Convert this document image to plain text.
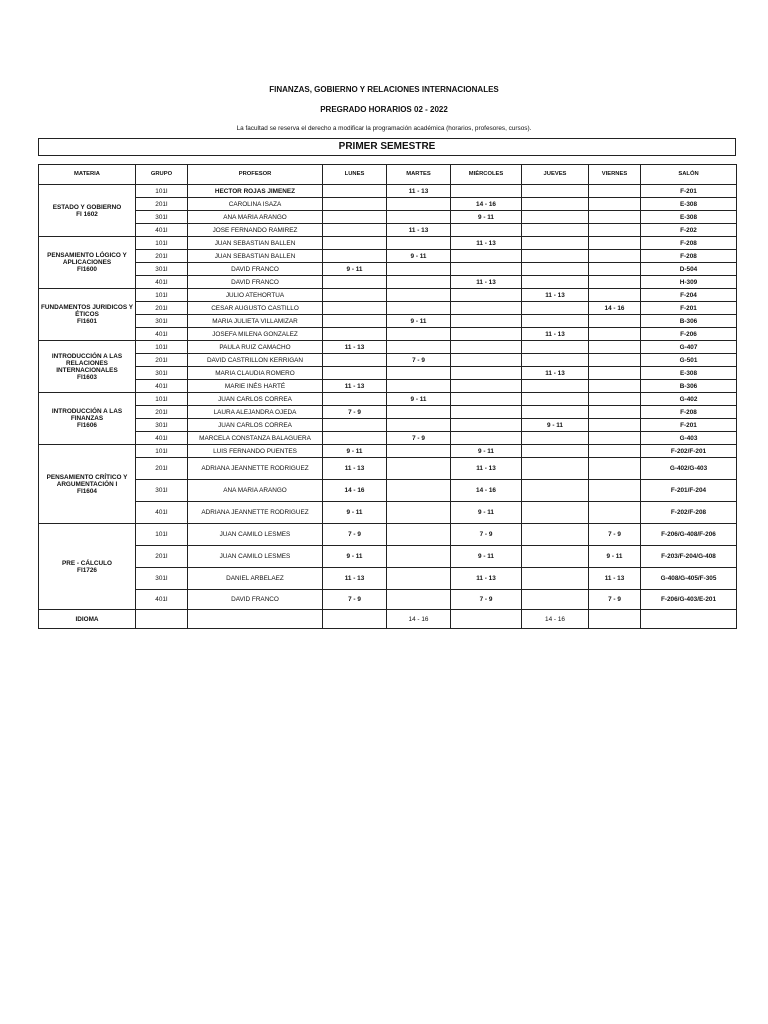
FINANZAS, GOBIERNO Y RELACIONES INTERNACIONALES
PREGRADO HORARIOS 02 - 2022
La facultad se reserva el derecho a modificar la programación académica (horarios, profesores, cursos).
PRIMER SEMESTRE
MATERIA	GRUPO	PROFESOR	LUNES	MARTES	MIÉRCOLES	JUEVES	VIERNES	SALÓN
ESTADO Y GOBIERNO
FI 1602	101I	HECTOR ROJAS JIMENEZ		11 - 13				F-201
	201I	CAROLINA ISAZA			14 - 16			E-308
	301I	ANA MARIA ARANGO			9 - 11			E-308
	401I	JOSE FERNANDO RAMIREZ		11 - 13				F-202
PENSAMIENTO LÓGICO Y
APLICACIONES
FI1600	101I	JUAN SEBASTIAN BALLEN			11 - 13			F-208
	201I	JUAN SEBASTIAN BALLEN		9 - 11				F-208
	301I	DAVID FRANCO	9 - 11					D-504
	401I	DAVID FRANCO			11 - 13			H-309
FUNDAMENTOS JURIDICOS Y
ÉTICOS
FI1601	101I	JULIO ATEHORTUA				11 - 13		F-204
	201I	CESAR AUGUSTO CASTILLO					14 - 16	F-201
	301I	MARIA JULIETA VILLAMIZAR		9 - 11				B-306
	401I	JOSEFA MILENA GONZALEZ				11 - 13		F-206
INTRODUCCIÓN A LAS
RELACIONES
INTERNACIONALES
FI1603	101I	PAULA RUIZ CAMACHO	11 - 13					G-407
	201I	DAVID CASTRILLON KERRIGAN		7 - 9				G-501
	301I	MARIA CLAUDIA ROMERO				11 - 13		E-308
	401I	MARIE INÉS HARTÉ	11 - 13					B-306
INTRODUCCIÓN A LAS
FINANZAS
FI1606	101I	JUAN CARLOS CORREA		9 - 11				G-402
	201I	LAURA ALEJANDRA OJEDA	7 - 9					F-208
	301I	JUAN CARLOS CORREA				9 - 11		F-201
	401I	MARCELA CONSTANZA BALAGUERA		7 - 9				G-403
PENSAMIENTO CRÍTICO Y
ARGUMENTACIÓN I
FI1604	101I	LUIS FERNANDO PUENTES	9 - 11		9 - 11			F-202/F-201
	201I	ADRIANA JEANNETTE RODRIGUEZ	11 - 13		11 - 13			G-402/G-403
	301I	ANA MARIA ARANGO	14 - 16		14 - 16			F-201/F-204
	401I	ADRIANA JEANNETTE RODRIGUEZ	9 - 11		9 - 11			F-202/F-208
PRE - CÁLCULO
FI1726	101I	JUAN CAMILO LESMES	7 - 9		7 - 9		7 - 9	F-206/G-408/F-206
	201I	JUAN CAMILO LESMES	9 - 11		9 - 11		9 - 11	F-203/F-204/G-408
	301I	DANIEL ARBELAEZ	11 - 13		11 - 13		11 - 13	G-408/G-405/F-305
	401I	DAVID FRANCO	7 - 9		7 - 9		7 - 9	F-206/G-403/E-201
IDIOMA				14 - 16		14 - 16		
